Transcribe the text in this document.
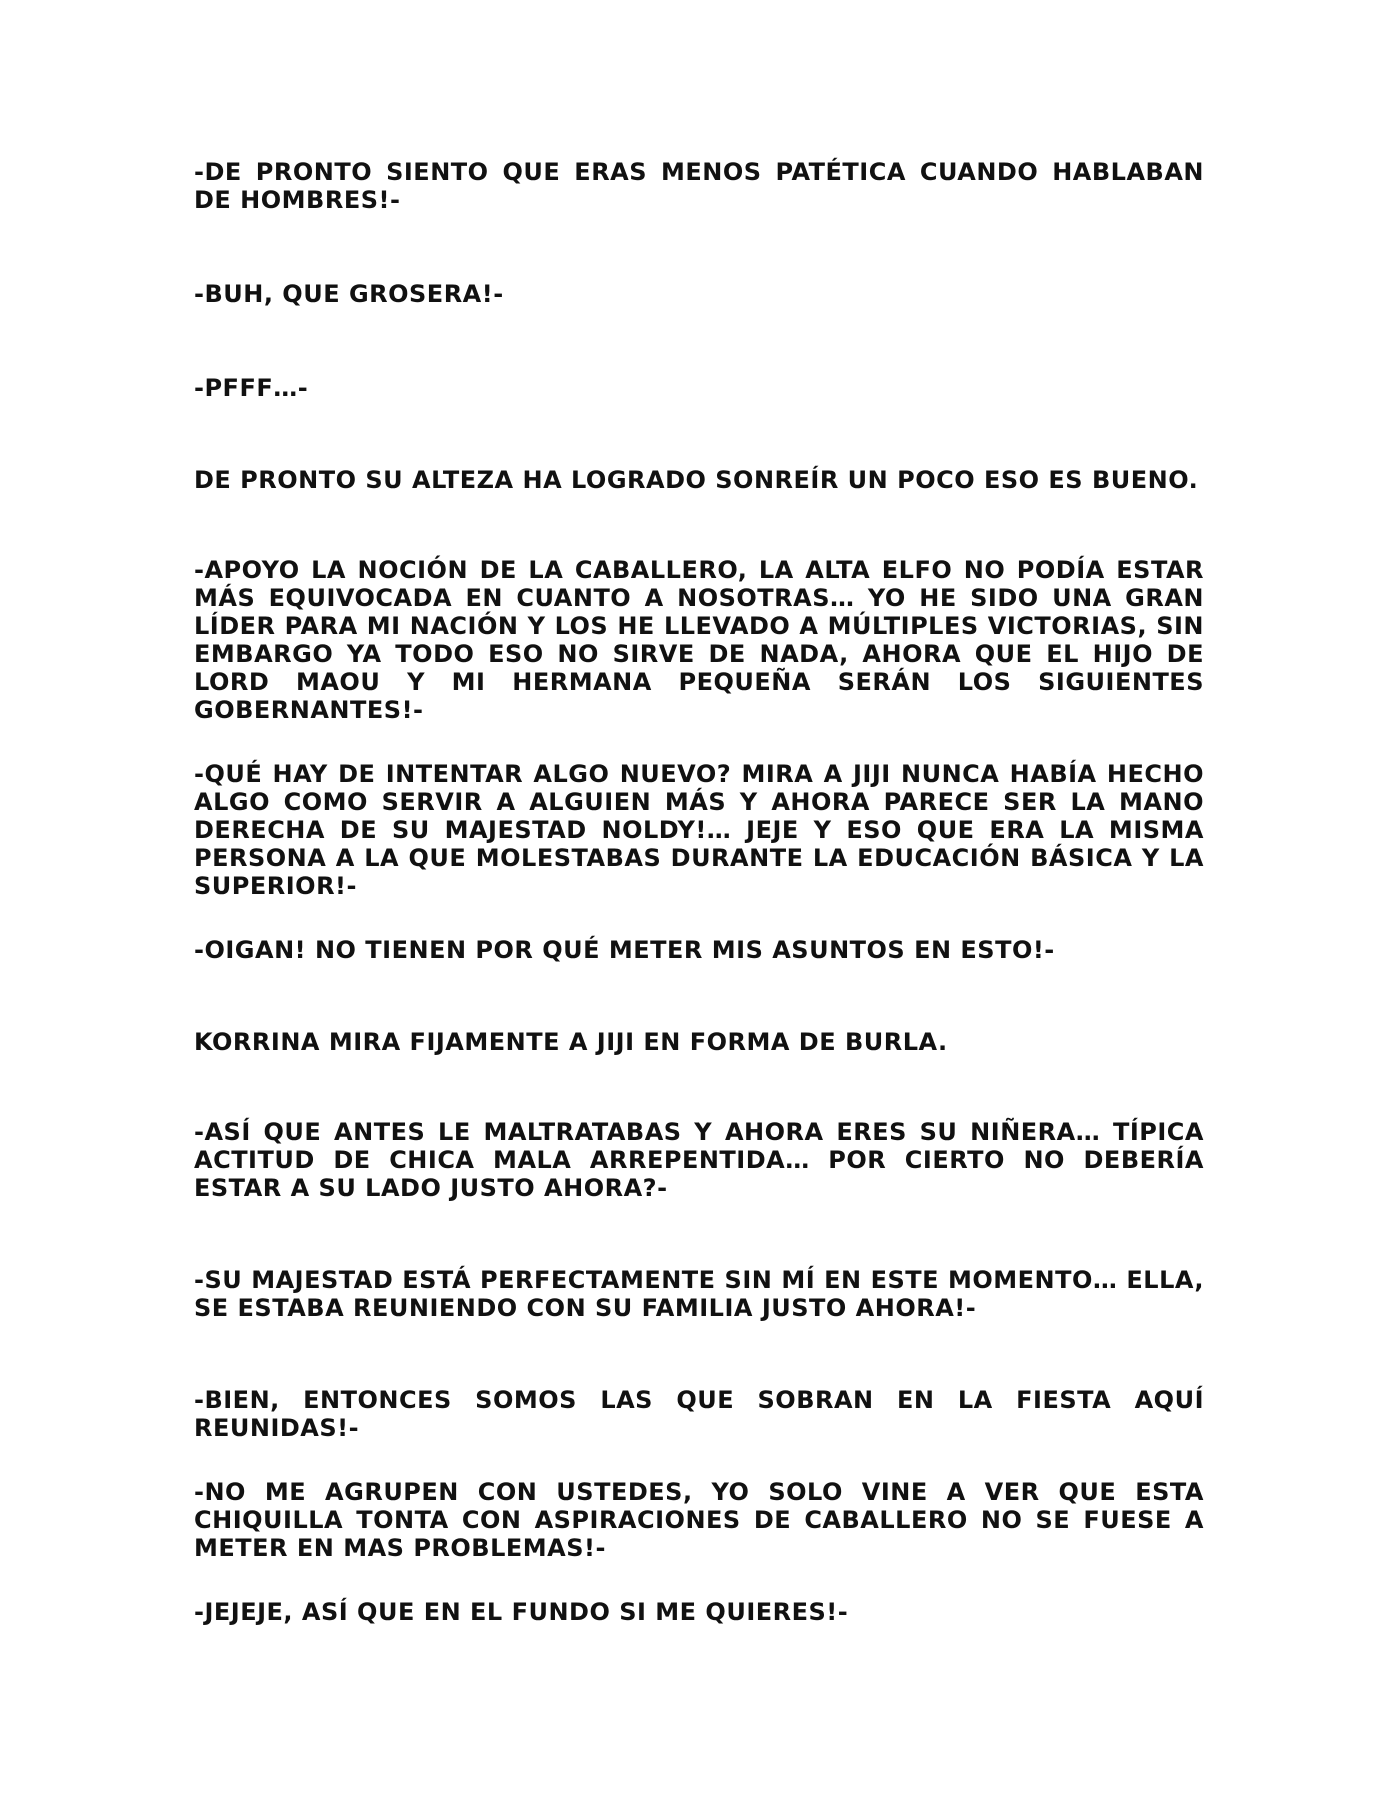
-DE PRONTO SIENTO QUE ERAS MENOS PATÉTICA CUANDO HABLABAN DE HOMBRES!-

-BUH, QUE GROSERA!-

-PFFF…-

DE PRONTO SU ALTEZA HA LOGRADO SONREÍR UN POCO ESO ES BUENO.

-APOYO LA NOCIÓN DE LA CABALLERO, LA ALTA ELFO NO PODÍA ESTAR MÁS EQUIVOCADA EN CUANTO A NOSOTRAS… YO HE SIDO UNA GRAN LÍDER PARA MI NACIÓN Y LOS HE LLEVADO A MÚLTIPLES VICTORIAS, SIN EMBARGO YA TODO ESO NO SIRVE DE NADA, AHORA QUE EL HIJO DE LORD MAOU Y MI HERMANA PEQUEÑA SERÁN LOS SIGUIENTES GOBERNANTES!-

-QUÉ HAY DE INTENTAR ALGO NUEVO? MIRA A JIJI NUNCA HABÍA HECHO ALGO COMO SERVIR A ALGUIEN MÁS Y AHORA PARECE SER LA MANO DERECHA DE SU MAJESTAD NOLDY!… JEJE Y ESO QUE ERA LA MISMA PERSONA A LA QUE MOLESTABAS DURANTE LA EDUCACIÓN BÁSICA Y LA SUPERIOR!-

-OIGAN! NO TIENEN POR QUÉ METER MIS ASUNTOS EN ESTO!-

KORRINA MIRA FIJAMENTE A JIJI EN FORMA DE BURLA.

-ASÍ QUE ANTES LE MALTRATABAS Y AHORA ERES SU NIÑERA… TÍPICA ACTITUD DE CHICA MALA ARREPENTIDA… POR CIERTO NO DEBERÍA ESTAR A SU LADO JUSTO AHORA?-

-SU MAJESTAD ESTÁ PERFECTAMENTE SIN MÍ EN ESTE MOMENTO… ELLA, SE ESTABA REUNIENDO CON SU FAMILIA JUSTO AHORA!-

-BIEN, ENTONCES SOMOS LAS QUE SOBRAN EN LA FIESTA AQUÍ REUNIDAS!-

-NO ME AGRUPEN CON USTEDES, YO SOLO VINE A VER QUE ESTA CHIQUILLA TONTA CON ASPIRACIONES DE CABALLERO NO SE FUESE A METER EN MAS PROBLEMAS!-

-JEJEJE, ASÍ QUE EN EL FUNDO SI ME QUIERES!-
